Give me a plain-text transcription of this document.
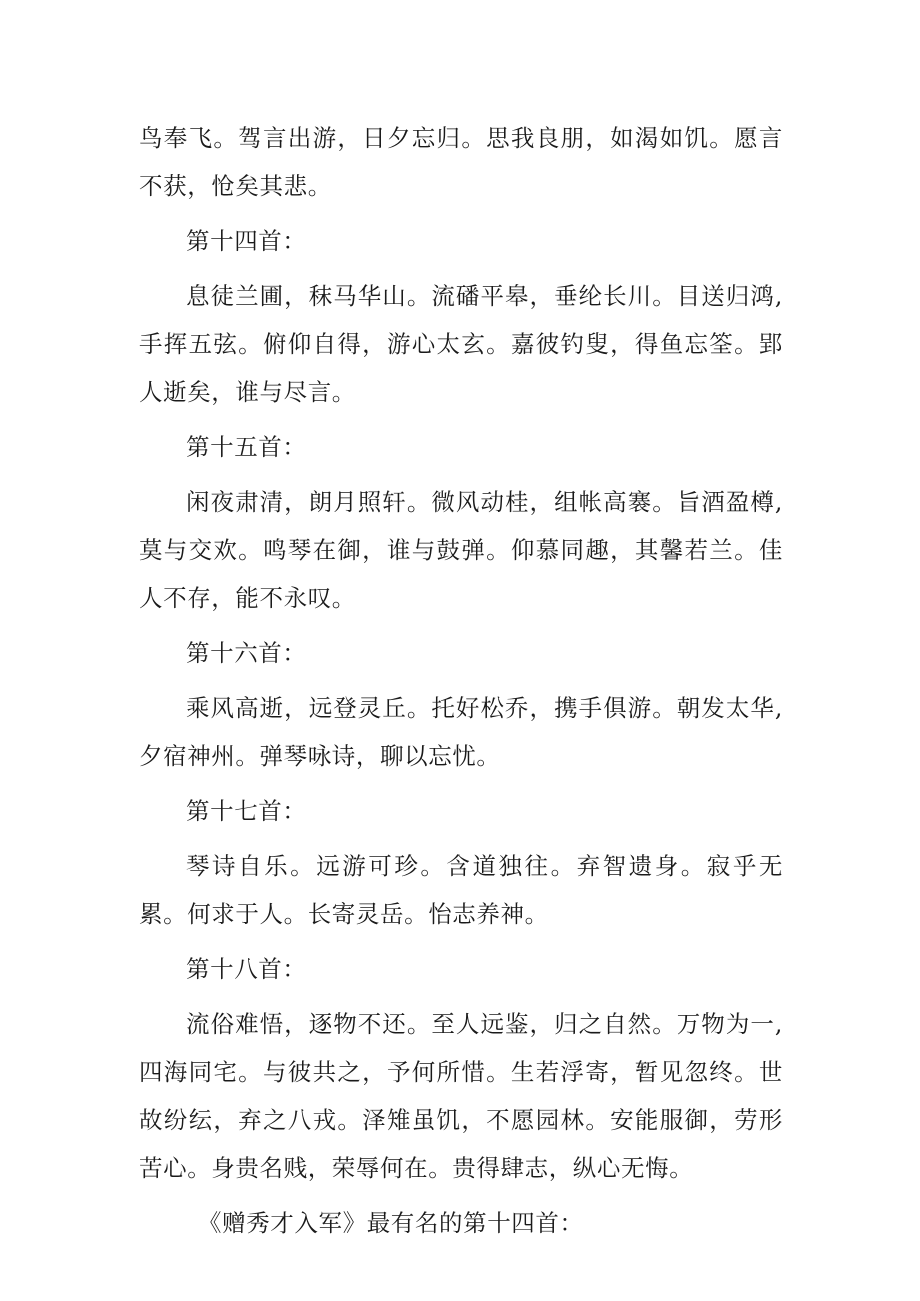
鸟奉飞。驾言出游，日夕忘归。思我良朋，如渴如饥。愿言不获，怆矣其悲。

第十四首：

息徒兰圃，秣马华山。流磻平皋，垂纶长川。目送归鸿,手挥五弦。俯仰自得，游心太玄。嘉彼钓叟，得鱼忘筌。郢人逝矣，谁与尽言。

第十五首：

闲夜肃清，朗月照轩。微风动桂，组帐高褰。旨酒盈樽,莫与交欢。鸣琴在御，谁与鼓弹。仰慕同趣，其馨若兰。佳人不存，能不永叹。

第十六首：

乘风高逝，远登灵丘。托好松乔，携手俱游。朝发太华,夕宿神州。弹琴咏诗，聊以忘忧。

第十七首：

琴诗自乐。远游可珍。含道独往。弃智遗身。寂乎无累。何求于人。长寄灵岳。怡志养神。

第十八首：

流俗难悟，逐物不还。至人远鉴，归之自然。万物为一,四海同宅。与彼共之，予何所惜。生若浮寄，暂见忽终。世故纷纭，弃之八戎。泽雉虽饥，不愿园林。安能服御，劳形苦心。身贵名贱，荣辱何在。贵得肆志，纵心无悔。

《赠秀才入军》最有名的第十四首：
